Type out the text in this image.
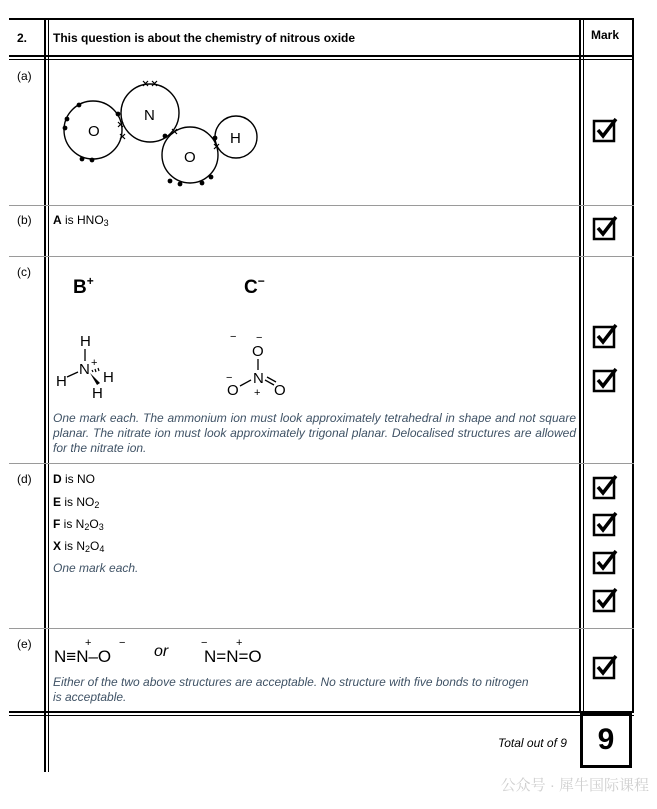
2. This question is about the chemistry of nitrous oxide	Mark
(a)
O
N
O
H
(b) A is $HNO_3$
(c)
B+	C−
H
N +
H H
H
−
O
N
O O
+
−
−
One mark each. The ammonium ion must look approximately tetrahedral in shape and not square planar. The nitrate ion must look approximately trigonal planar. Delocalised structures are allowed for the nitrate ion.
(d) D is NO
E is $NO_2$
F is $N_2O_3$
X is $N_2O_4$
One mark each.
(e)
N≡N–O
+	− or N=N=O
−	+
Either of the two above structures are acceptable. No structure with five bonds to nitrogen is acceptable.
Total out of 9 9
公众号 · 犀牛国际课程
